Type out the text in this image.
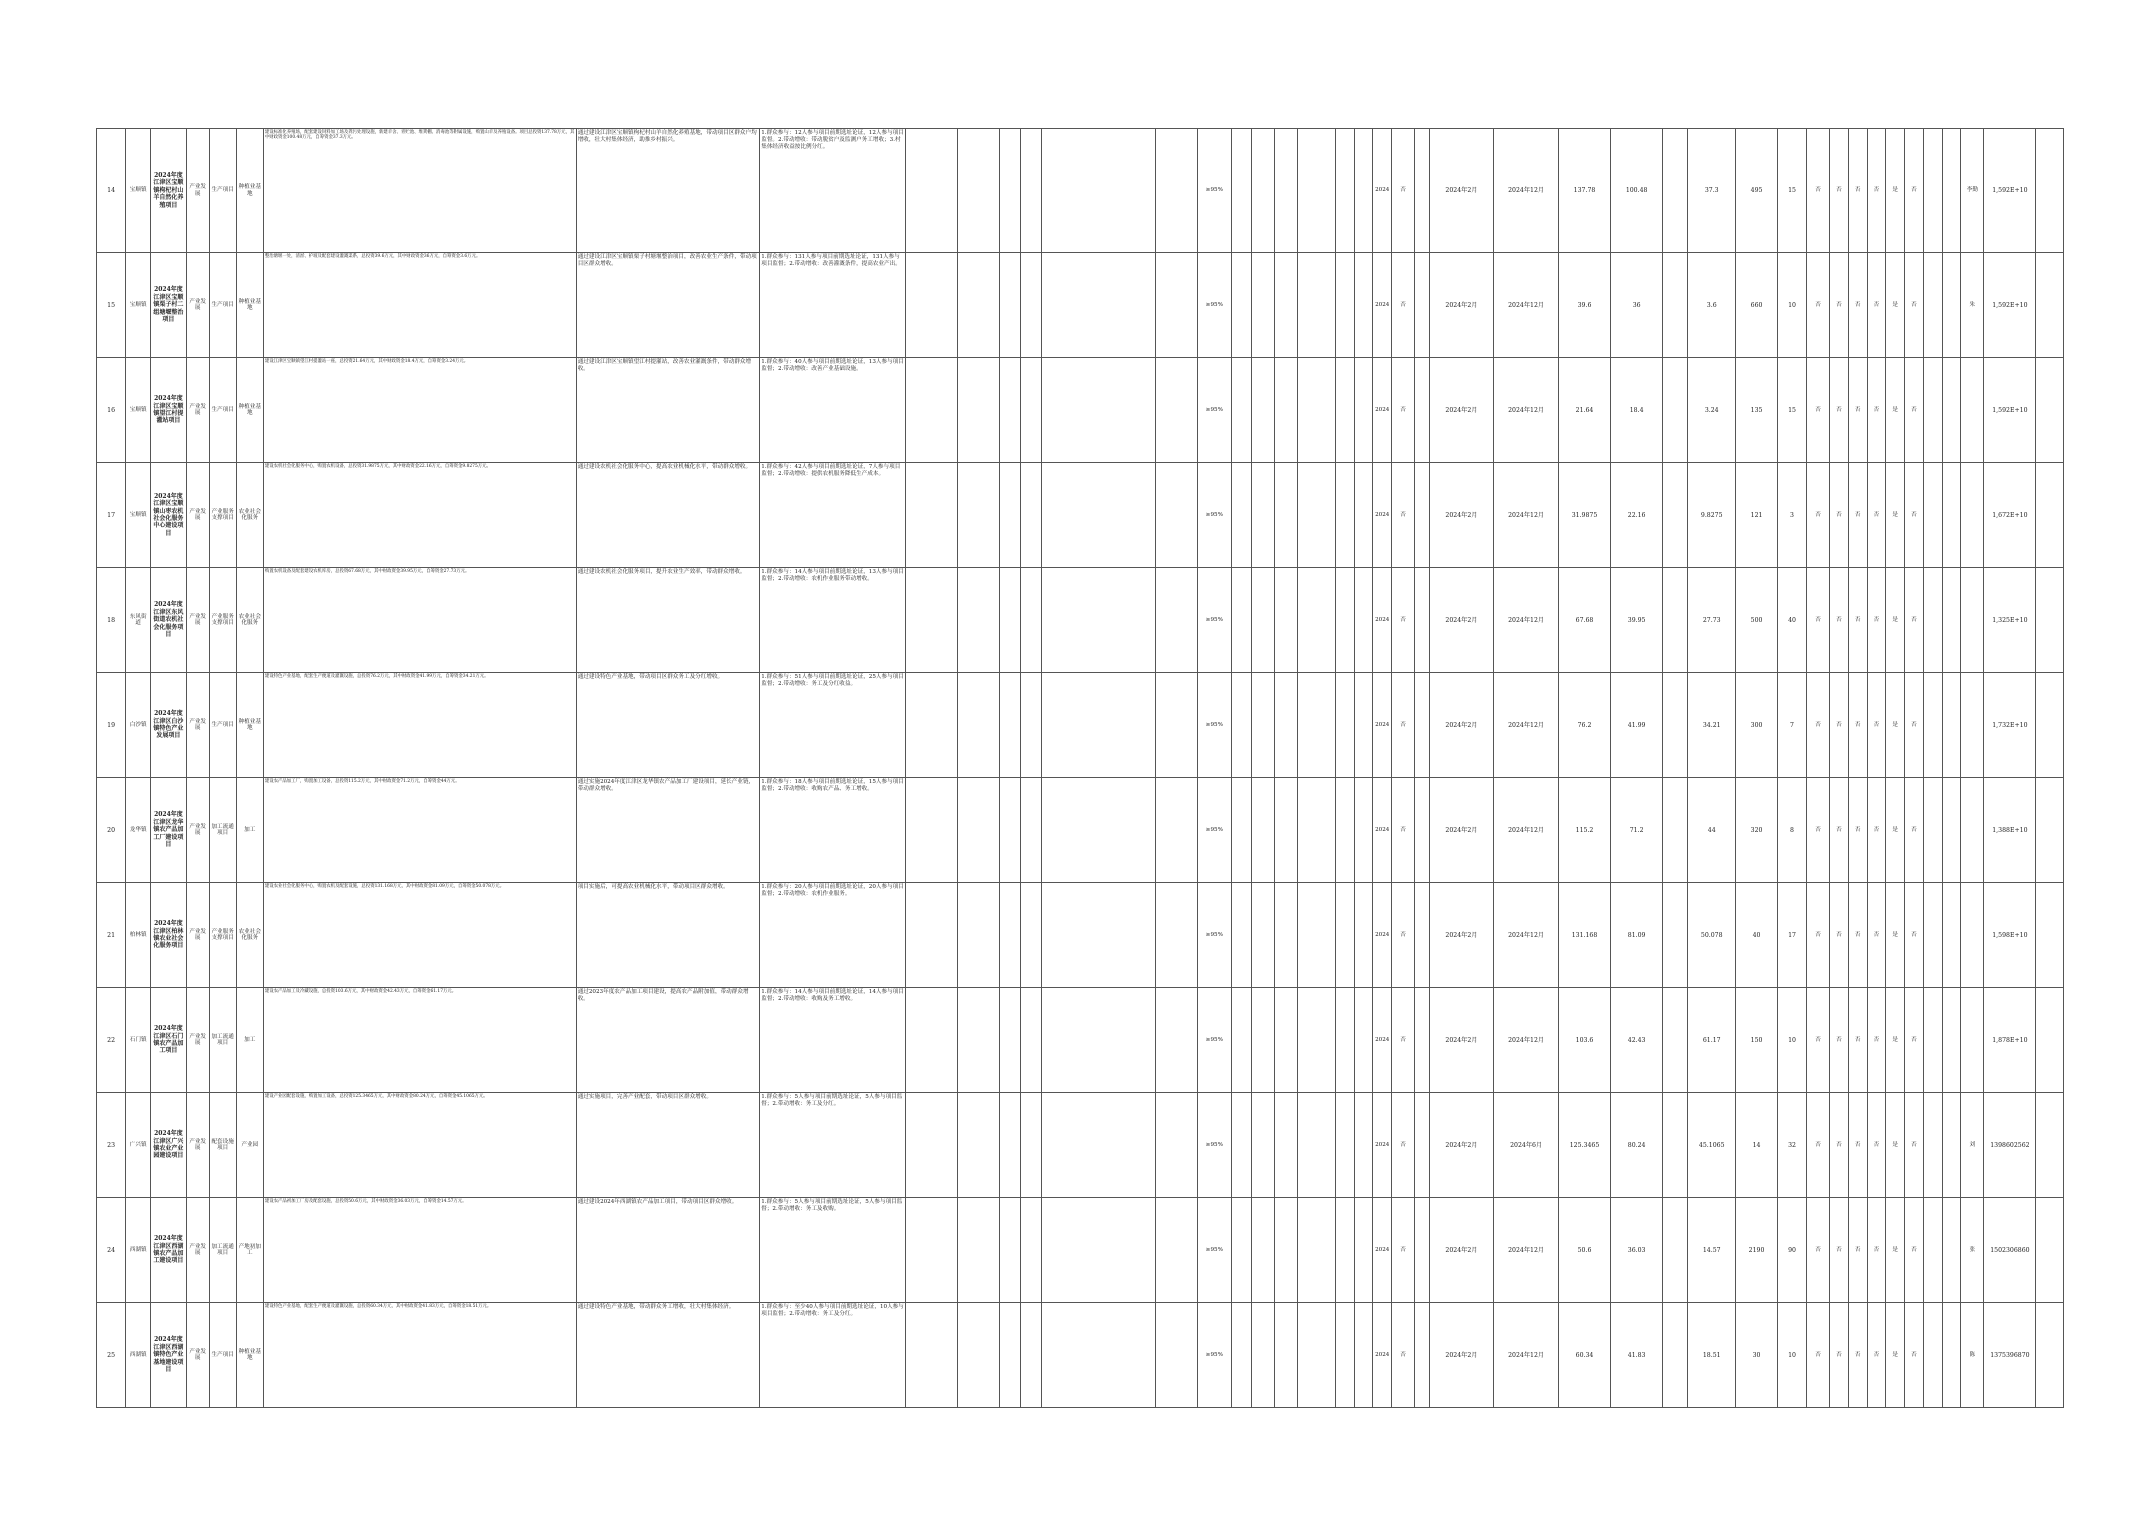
14	宝顺镇	2024年度江津区宝顺镇枸杞村山羊自然化养殖项目	产业发展	生产项目	种植业基地	建设标准化养殖场，配套建设饲料加工场及粪污处理设施，新建羊舍、青贮池、堆粪棚、消毒池等附属设施，购置山羊及养殖设备。项目总投资137.78万元，其中财政资金100.48万元，自筹资金37.3万元。	通过建设江津区宝顺镇枸杞村山羊自然化养殖基地，带动项目区群众户均增收，壮大村集体经济，助推乡村振兴。	1.群众参与：12人参与项目前期选址论证，12人参与项目监督。2.带动增收：带动脱贫户及监测户务工增收；3.村集体经济收益按比例分红。							≥95%							2024	否		2024年2月	2024年12月	137.78	100.48		37.3	495	15	否	否	否	否	是	否			李勤	1,592E+10	
15	宝顺镇	2024年度江津区宝顺镇栗子村二组塘堰整治项目	产业发展	生产项目	种植业基地	整治塘堰一处，清淤、护坡及配套建设灌溉渠系，总投资39.6万元，其中财政资金36万元，自筹资金3.6万元。	通过建设江津区宝顺镇栗子村塘堰整治项目，改善农业生产条件，带动项目区群众增收。	1.群众参与：131人参与项目前期选址论证，131人参与项目监督；2.带动增收：改善灌溉条件，提高农业产出。							≥95%							2024	否		2024年2月	2024年12月	39.6	36		3.6	660	10	否	否	否	否	是	否			朱	1,592E+10	
16	宝顺镇	2024年度江津区宝顺镇望江村提灌站项目	产业发展	生产项目	种植业基地	建设江津区宝顺镇望江村提灌站一座，总投资21.64万元，其中财政资金18.4万元，自筹资金3.24万元。	通过建设江津区宝顺镇望江村提灌站，改善农业灌溉条件，带动群众增收。	1.群众参与：40人参与项目前期选址论证，13人参与项目监督；2.带动增收：改善产业基础设施。							≥95%							2024	否		2024年2月	2024年12月	21.64	18.4		3.24	135	15	否	否	否	否	是	否				1,592E+10	
17	宝顺镇	2024年度江津区宝顺镇山枣农机社会化服务中心建设项目	产业发展	产业服务支撑项目	农业社会化服务	建设农机社会化服务中心，购置农机设备，总投资31.9875万元，其中财政资金22.16万元，自筹资金9.8275万元。	通过建设农机社会化服务中心，提高农业机械化水平，带动群众增收。	1.群众参与：42人参与项目前期选址论证，7人参与项目监督；2.带动增收：提供农机服务降低生产成本。							≥95%							2024	否		2024年2月	2024年12月	31.9875	22.16		9.8275	121	3	否	否	否	否	是	否				1,672E+10	
18	东风街道	2024年度江津区东风街道农机社会化服务项目	产业发展	产业服务支撑项目	农业社会化服务	购置农机设备及配套建设农机库房，总投资67.68万元，其中财政资金39.95万元，自筹资金27.73万元。	通过建设农机社会化服务项目，提升农业生产效率，带动群众增收。	1.群众参与：14人参与项目前期选址论证，13人参与项目监督；2.带动增收：农机作业服务带动增收。							≥95%							2024	否		2024年2月	2024年12月	67.68	39.95		27.73	500	40	否	否	否	否	是	否				1,325E+10	
19	白沙镇	2024年度江津区白沙镇特色产业发展项目	产业发展	生产项目	种植业基地	建设特色产业基地，配套生产便道及灌溉设施，总投资76.2万元，其中财政资金41.99万元，自筹资金34.21万元。	通过建设特色产业基地，带动项目区群众务工及分红增收。	1.群众参与：51人参与项目前期选址论证，25人参与项目监督；2.带动增收：务工及分红收益。							≥95%							2024	否		2024年2月	2024年12月	76.2	41.99		34.21	300	7	否	否	否	否	是	否				1,732E+10	
20	龙华镇	2024年度江津区龙华镇农产品加工厂建设项目	产业发展	加工流通项目	加工	建设农产品加工厂，购置加工设备，总投资115.2万元，其中财政资金71.2万元，自筹资金44万元。	通过实施2024年度江津区龙华镇农产品加工厂建设项目，延长产业链，带动群众增收。	1.群众参与：18人参与项目前期选址论证，15人参与项目监督；2.带动增收：收购农产品、务工增收。							≥95%							2024	否		2024年2月	2024年12月	115.2	71.2		44	320	8	否	否	否	否	是	否				1,388E+10	
21	柏林镇	2024年度江津区柏林镇农业社会化服务项目	产业发展	产业服务支撑项目	农业社会化服务	建设农业社会化服务中心，购置农机及配套设施，总投资131.168万元，其中财政资金81.09万元，自筹资金50.078万元。	项目实施后，可提高农业机械化水平，带动项目区群众增收。	1.群众参与：20人参与项目前期选址论证，20人参与项目监督；2.带动增收：农机作业服务。							≥95%							2024	否		2024年2月	2024年12月	131.168	81.09		50.078	40	17	否	否	否	否	是	否				1,598E+10	
22	石门镇	2024年度江津区石门镇农产品加工项目	产业发展	加工流通项目	加工	建设农产品加工及冷藏设施，总投资103.6万元，其中财政资金42.43万元，自筹资金61.17万元。	通过2023年度农产品加工项目建设，提高农产品附加值，带动群众增收。	1.群众参与：14人参与项目前期选址论证，14人参与项目监督；2.带动增收：收购及务工增收。							≥95%							2024	否		2024年2月	2024年12月	103.6	42.43		61.17	150	10	否	否	否	否	是	否				1,878E+10	
23	广兴镇	2024年度江津区广兴镇农业产业园建设项目	产业发展	配套设施项目	产业园	建设产业园配套设施，购置加工设备，总投资125.3465万元，其中财政资金80.24万元，自筹资金45.1065万元。	通过实施项目，完善产业配套，带动项目区群众增收。	1.群众参与：5人参与项目前期选址论证，5人参与项目监督；2.带动增收：务工及分红。							≥95%							2024	否		2024年2月	2024年6月	125.3465	80.24		45.1065	14	32	否	否	否	否	是	否			刘	1398602562	
24	西湖镇	2024年度江津区西湖镇农产品加工建设项目	产业发展	加工流通项目	产地初加工	建设农产品初加工厂房及配套设施，总投资50.6万元，其中财政资金36.03万元，自筹资金14.57万元。	通过建设2024年西湖镇农产品加工项目，带动项目区群众增收。	1.群众参与：5人参与项目前期选址论证，5人参与项目监督；2.带动增收：务工及收购。							≥95%							2024	否		2024年2月	2024年12月	50.6	36.03		14.57	2190	90	否	否	否	否	是	否			张	1502306860	
25	西湖镇	2024年度江津区西湖镇特色产业基地建设项目	产业发展	生产项目	种植业基地	建设特色产业基地，配套生产便道及灌溉设施，总投资60.34万元，其中财政资金41.83万元，自筹资金18.51万元。	通过建设特色产业基地，带动群众务工增收，壮大村集体经济。	1.群众参与：至少40人参与项目前期选址论证，10人参与项目监督；2.带动增收：务工及分红。							≥95%							2024	否		2024年2月	2024年12月	60.34	41.83		18.51	30	10	否	否	否	否	是	否			陈	1375396870	
